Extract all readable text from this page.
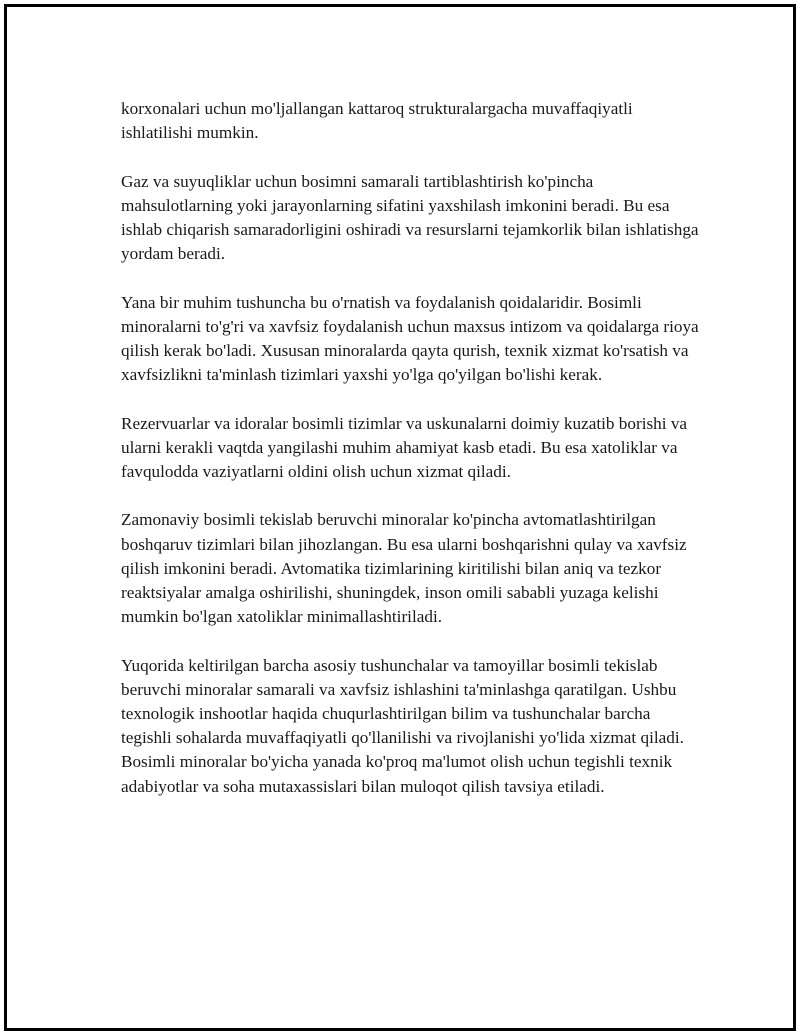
korxonalari uchun mo'ljallangan kattaroq strukturalargacha muvaffaqiyatli ishlatilishi mumkin.

Gaz va suyuqliklar uchun bosimni samarali tartiblashtirish ko'pincha mahsulotlarning yoki jarayonlarning sifatini yaxshilash imkonini beradi. Bu esa ishlab chiqarish samaradorligini oshiradi va resurslarni tejamkorlik bilan ishlatishga yordam beradi.

Yana bir muhim tushuncha bu o'rnatish va foydalanish qoidalaridir. Bosimli minoralarni to'g'ri va xavfsiz foydalanish uchun maxsus intizom va qoidalarga rioya qilish kerak bo'ladi. Xususan minoralarda qayta qurish, texnik xizmat ko'rsatish va xavfsizlikni ta'minlash tizimlari yaxshi yo'lga qo'yilgan bo'lishi kerak.

Rezervuarlar va idoralar bosimli tizimlar va uskunalarni doimiy kuzatib borishi va ularni kerakli vaqtda yangilashi muhim ahamiyat kasb etadi. Bu esa xatoliklar va favqulodda vaziyatlarni oldini olish uchun xizmat qiladi.

Zamonaviy bosimli tekislab beruvchi minoralar ko'pincha avtomatlashtirilgan boshqaruv tizimlari bilan jihozlangan. Bu esa ularni boshqarishni qulay va xavfsiz qilish imkonini beradi. Avtomatika tizimlarining kiritilishi bilan aniq va tezkor reaktsiyalar amalga oshirilishi, shuningdek, inson omili sababli yuzaga kelishi mumkin bo'lgan xatoliklar minimallashtiriladi.

Yuqorida keltirilgan barcha asosiy tushunchalar va tamoyillar bosimli tekislab beruvchi minoralar samarali va xavfsiz ishlashini ta'minlashga qaratilgan. Ushbu texnologik inshootlar haqida chuqurlashtirilgan bilim va tushunchalar barcha tegishli sohalarda muvaffaqiyatli qo'llanilishi va rivojlanishi yo'lida xizmat qiladi. Bosimli minoralar bo'yicha yanada ko'proq ma'lumot olish uchun tegishli texnik adabiyotlar va soha mutaxassislari bilan muloqot qilish tavsiya etiladi.
